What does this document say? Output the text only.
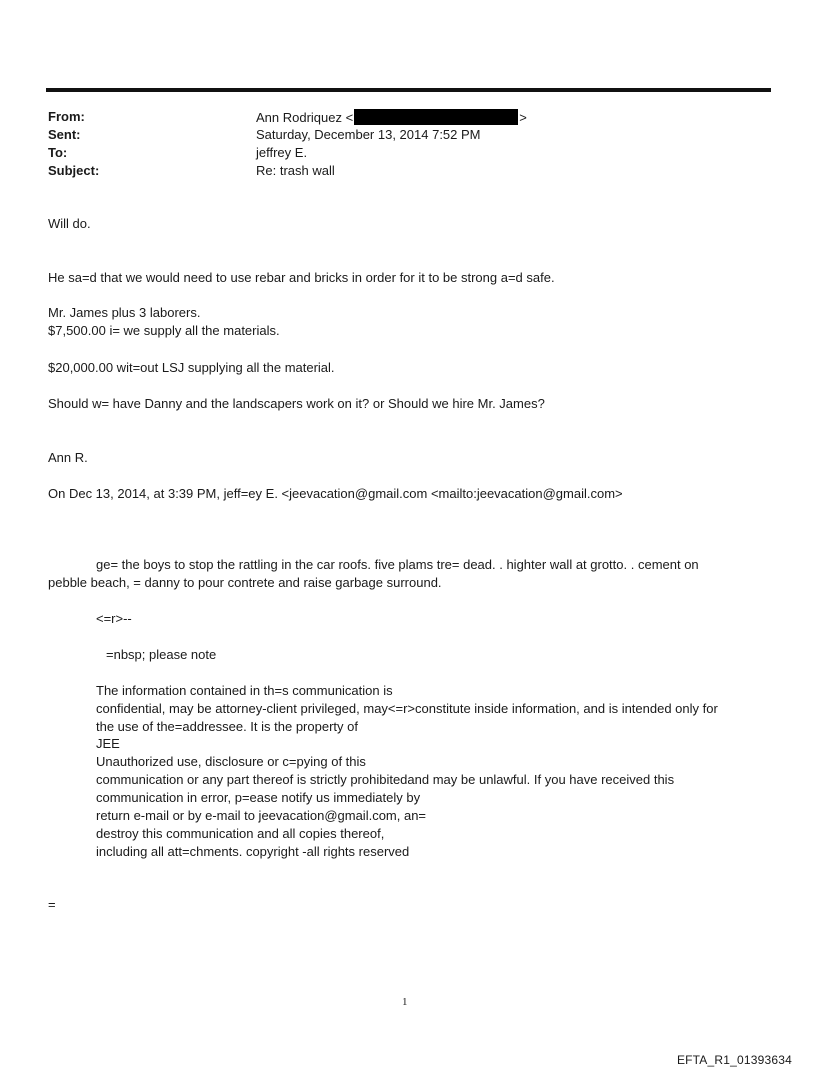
From:	Ann Rodriquez <	>
Sent:	Saturday, December 13, 2014 7:52 PM
To:	jeffrey E.
Subject:	Re: trash wall
Will do.
He sa=d that we would need to use rebar and bricks in order for it to be strong a=d safe.
Mr. James plus 3 laborers.
$7,500.00 i= we supply all the materials.
$20,000.00 wit=out LSJ supplying all the material.
Should w= have Danny and the landscapers work on it? or Should we hire Mr. James?
Ann R.
On Dec 13, 2014, at 3:39 PM, jeff=ey E. <jeevacation@gmail.com <mailto:jeevacation@gmail.com>
ge= the boys to stop the rattling in the car roofs. five plams tre= dead. . highter wall at grotto. . cement on
pebble beach, = danny to pour contrete and raise garbage surround.
<=r>--
=nbsp; please note
The information contained in th=s communication is
confidential, may be attorney-client privileged, may<=r>constitute inside information, and is intended only for
the use of the=addressee. It is the property of
JEE
Unauthorized use, disclosure or c=pying of this
communication or any part thereof is strictly prohibitedand may be unlawful. If you have received this
communication in error, p=ease notify us immediately by
return e-mail or by e-mail to jeevacation@gmail.com, an=
destroy this communication and all copies thereof,
including all att=chments. copyright -all rights reserved
=
1
EFTA_R1_01393634
